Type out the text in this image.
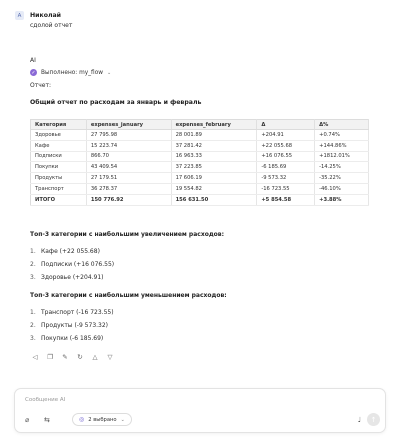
А	Николай
сдолой отчет
AI
✓ Выполнено: my_flow ⌄
Отчет:
Общий отчет по расходам за январь и февраль
Категория	expenses_january	expenses_february	Δ	Δ%
Здоровье	27 795.98	28 001.89	+204.91	+0.74%
Кафе	15 223.74	37 281.42	+22 055.68	+144.86%
Подписки	866.70	16 963.33	+16 076.55	+1812.01%
Покупки	43 409.54	37 223.85	-6 185.69	-14.25%
Продукты	27 179.51	17 606.19	-9 573.32	-35.22%
Транспорт	36 278.37	19 554.82	-16 723.55	-46.10%
ИТОГО	150 776.92	156 631.50	+5 854.58	+3.88%
Топ-3 категории с наибольшим увеличением расходов:
1. Кафе (+22 055.68)
2. Подписки (+16 076.55)
3. Здоровье (+204.91)
Топ-3 категории с наибольшим уменьшением расходов:
1. Транспорт (-16 723.55)
2. Продукты (-9 573.32)
3. Покупки (-6 185.69)
◁ ❐ ✎ ↻ △ ▽
Сообщение AI
⌀ ⇆	◎ 2 выбрано ⌄	♩ ↑
